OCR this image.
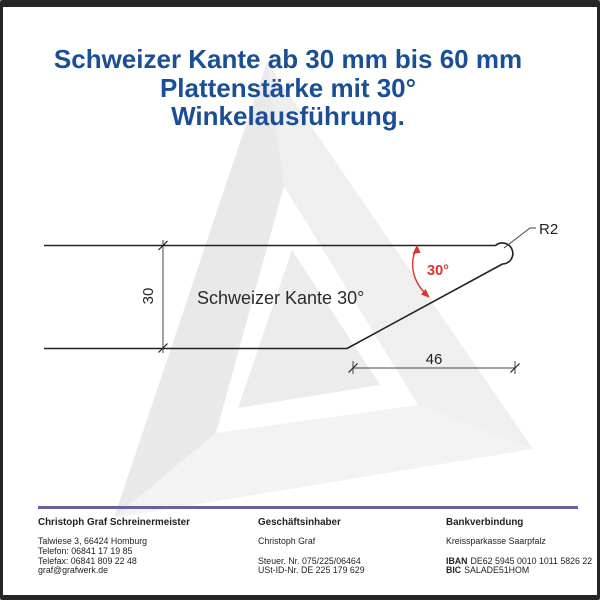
R2
30
46
30°
Schweizer Kante 30°
Schweizer Kante ab 30 mm bis 60 mm
Plattenstärke mit 30°
Winkelausführung.
Christoph Graf Schreinermeister
Talwiese 3, 66424 Homburg
Telefon: 06841 17 19 85
Telefax: 06841 809 22 48
graf@grafwerk.de
Geschäftsinhaber
Christoph Graf
Steuer. Nr. 075/225/06464
USt-ID-Nr. DE 225 179 629
Bankverbindung
Kreissparkasse Saarpfalz
IBAN DE62 5945 0010 1011 5826 22
BIC SALADE51HOM
